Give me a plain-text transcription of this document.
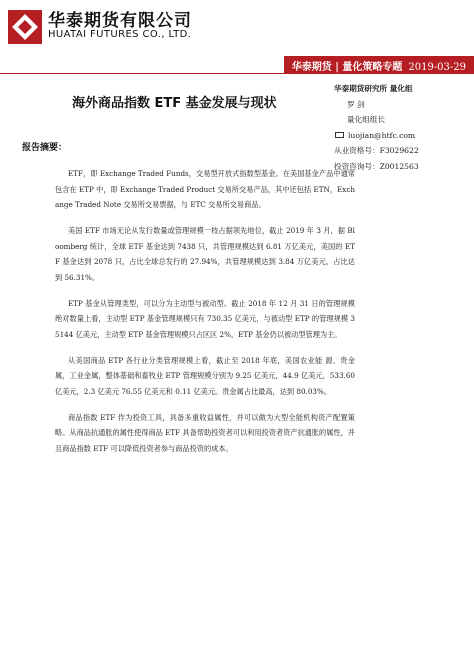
华泰期货有限公司
HUATAI FUTURES CO., LTD.
华泰期货 | 量化策略专题 2019-03-29
海外商品指数 ETF 基金发展与现状
华泰期货研究所 量化组
罗 剑
量化组组长
luojian@htfc.com
从业资格号：F3029622
投资咨询号：Z0012563
报告摘要：

ETF，即 Exchange Traded Funds，交易型开放式指数型基金。在美国基金产品中通常包含在 ETP 中，即 Exchange Traded Product 交易所交易产品，其中还包括 ETN，Exchange Traded Note 交易所交易票据，与 ETC 交易所交易商品。

美国 ETF 市场无论从发行数量或管理规模一枝占据领先地位，截止 2019 年 3 月，据 Bloomberg 统计，全球 ETF 基金达到 7438 只，共管理规模达到 6.81 万亿美元，美国的 ETF 基金达到 2078 只，占比全球总发行的 27.94%，共管理规模达到 3.84 万亿美元，占比达到 56.31%。

ETP 基金从管理类型，可以分为主动型与被动型。截止 2018 年 12 月 31 日的管理规模绝对数量上看，主动型 ETP 基金管理规模只有 730.35 亿美元，与被动型 ETP 的管理规模 35144 亿美元，主动型 ETP 基金管理规模只占区区 2%，ETP 基金仍以被动型管理为主。

从美国商品 ETP 各行业分类管理规模上看，截止至 2018 年底，美国农业能 源、贵金属，工业金属，整体基础和畜牧业 ETP 管理规模分别为 9.25 亿美元，44.9 亿美元，533.60 亿美元，2.3 亿美元 76.55 亿美元和 0.11 亿美元。贵金属占比最高，达到 80.03%。

商品指数 ETF 作为投资工具，具备多重收益属性，并可以做为大型全能机构资产配置策略。从商品抗通胀的属性使得商品 ETF 具备帮助投资者可以利用投资者资产抗通胀的属性，并且商品指数 ETF 可以降低投资者参与商品投资的成本。
